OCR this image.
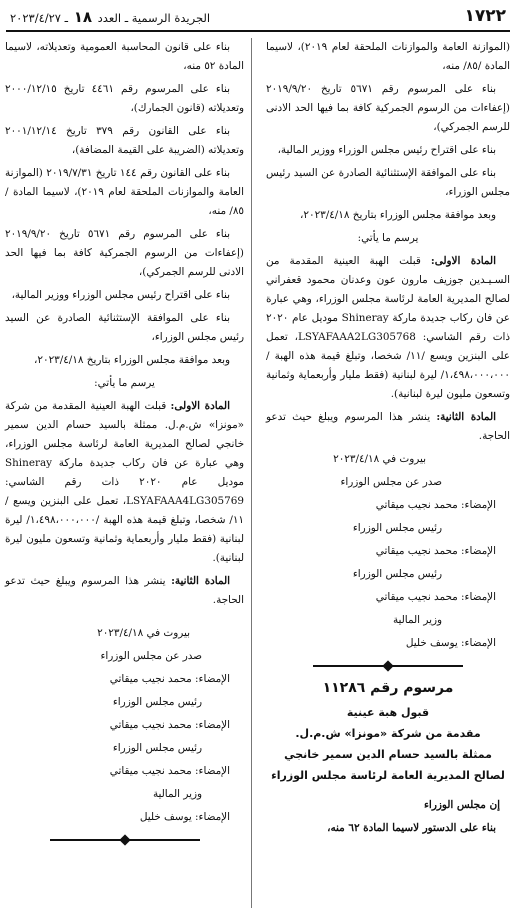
١٧٢٢
الجريدة الرسمية ـ العدد ١٨ ـ ٢٠٢٣/٤/٢٧

(الموازنة العامة والموازنات الملحقة لعام ٢٠١٩)، لاسيما المادة /٨٥/ منه،

بناء على المرسوم رقم ٥٦٧١ تاريخ ٢٠١٩/٩/٢٠ (إعفاءات من الرسوم الجمركية كافة بما فيها الحد الادنى للرسم الجمركي)،

بناء على اقتراح رئيس مجلس الوزراء ووزير المالية،

بناء على الموافقة الإستثنائية الصادرة عن السيد رئيس مجلس الوزراء،

وبعد موافقة مجلس الوزراء بتاريخ ٢٠٢٣/٤/١٨،

يرسم ما يأتي:

المادة الاولى: قبلت الهبة العينية المقدمة من السـيـدين جوزيف مارون عون وعدنان محمود قعفراني لصالح المديرية العامة لرئاسة مجلس الوزراء، وهي عبارة عن فان ركاب جديدة ماركة Shineray موديل عام ٢٠٢٠ ذات رقم الشاسي: LSYAFAAA2LG305768، تعمل على البنزين ويسع /١١/ شخصا، وتبلغ قيمة هذه الهبة /١،٤٩٨،٠٠٠،٠٠٠/ ليرة لبنانية (فقط مليار وأربعماية وثمانية وتسعون مليون ليرة لبنانية).

المادة الثانية: ينشر هذا المرسوم ويبلغ حيث تدعو الحاجة.

بيروت في ٢٠٢٣/٤/١٨

صدر عن مجلس الوزراء

الإمضاء: محمد نجيب ميقاتي

رئيس مجلس الوزراء

الإمضاء: محمد نجيب ميقاتي

رئيس مجلس الوزراء

الإمضاء: محمد نجيب ميقاتي

وزير المالية

الإمضاء: يوسف خليل

مرسوم رقم ١١٢٨٦
قبول هبة عينية
مقدمة من شركة «مونزا» ش.م.ل.
ممثلة بالسيد حسام الدين سمير خانجي
لصالح المديرية العامة لرئاسة مجلس الوزراء

إن مجلس الوزراء

بناء على الدستور لاسيما المادة ٦٢ منه،

بناء على قانون المحاسبة العمومية وتعديلاته، لاسيما المادة ٥٢ منه،

بناء على المرسوم رقم ٤٤٦١ تاريخ ٢٠٠٠/١٢/١٥ وتعديلاته (قانون الجمارك)،

بناء على القانون رقم ٣٧٩ تاريخ ٢٠٠١/١٢/١٤ وتعديلاته (الضريبة على القيمة المضافة)،

بناء على القانون رقم ١٤٤ تاريخ ٢٠١٩/٧/٣١ (الموازنة العامة والموازنات الملحقة لعام ٢٠١٩)، لاسيما المادة /٨٥/ منه،

بناء على المرسوم رقم ٥٦٧١ تاريخ ٢٠١٩/٩/٢٠ (إعفاءات من الرسوم الجمركية كافة بما فيها الحد الادنى للرسم الجمركي)،

بناء على اقتراح رئيس مجلس الوزراء ووزير المالية،

بناء على الموافقة الإستثنائية الصادرة عن السيد رئيس مجلس الوزراء،

وبعد موافقة مجلس الوزراء بتاريخ ٢٠٢٣/٤/١٨،

يرسم ما يأتي:

المادة الاولى: قبلت الهبة العينية المقدمة من شركة «مونزا» ش.م.ل. ممثلة بالسيد حسام الدين سمير خانجي لصالح المديرية العامة لرئاسة مجلس الوزراء، وهي عبارة عن فان ركاب جديدة ماركة Shineray موديل عام ٢٠٢٠ ذات رقم الشاسي: LSYAFAAA4LG305769، تعمل على البنزين ويسع /١١/ شخصا، وتبلغ قيمة هذه الهبة /١،٤٩٨،٠٠٠،٠٠٠/ ليرة لبنانية (فقط مليار وأربعماية وثمانية وتسعون مليون ليرة لبنانية).

المادة الثانية: ينشر هذا المرسوم ويبلغ حيث تدعو الحاجة.

بيروت في ٢٠٢٣/٤/١٨

صدر عن مجلس الوزراء

الإمضاء: محمد نجيب ميقاتي

رئيس مجلس الوزراء

الإمضاء: محمد نجيب ميقاتي

رئيس مجلس الوزراء

الإمضاء: محمد نجيب ميقاتي

وزير المالية

الإمضاء: يوسف خليل
